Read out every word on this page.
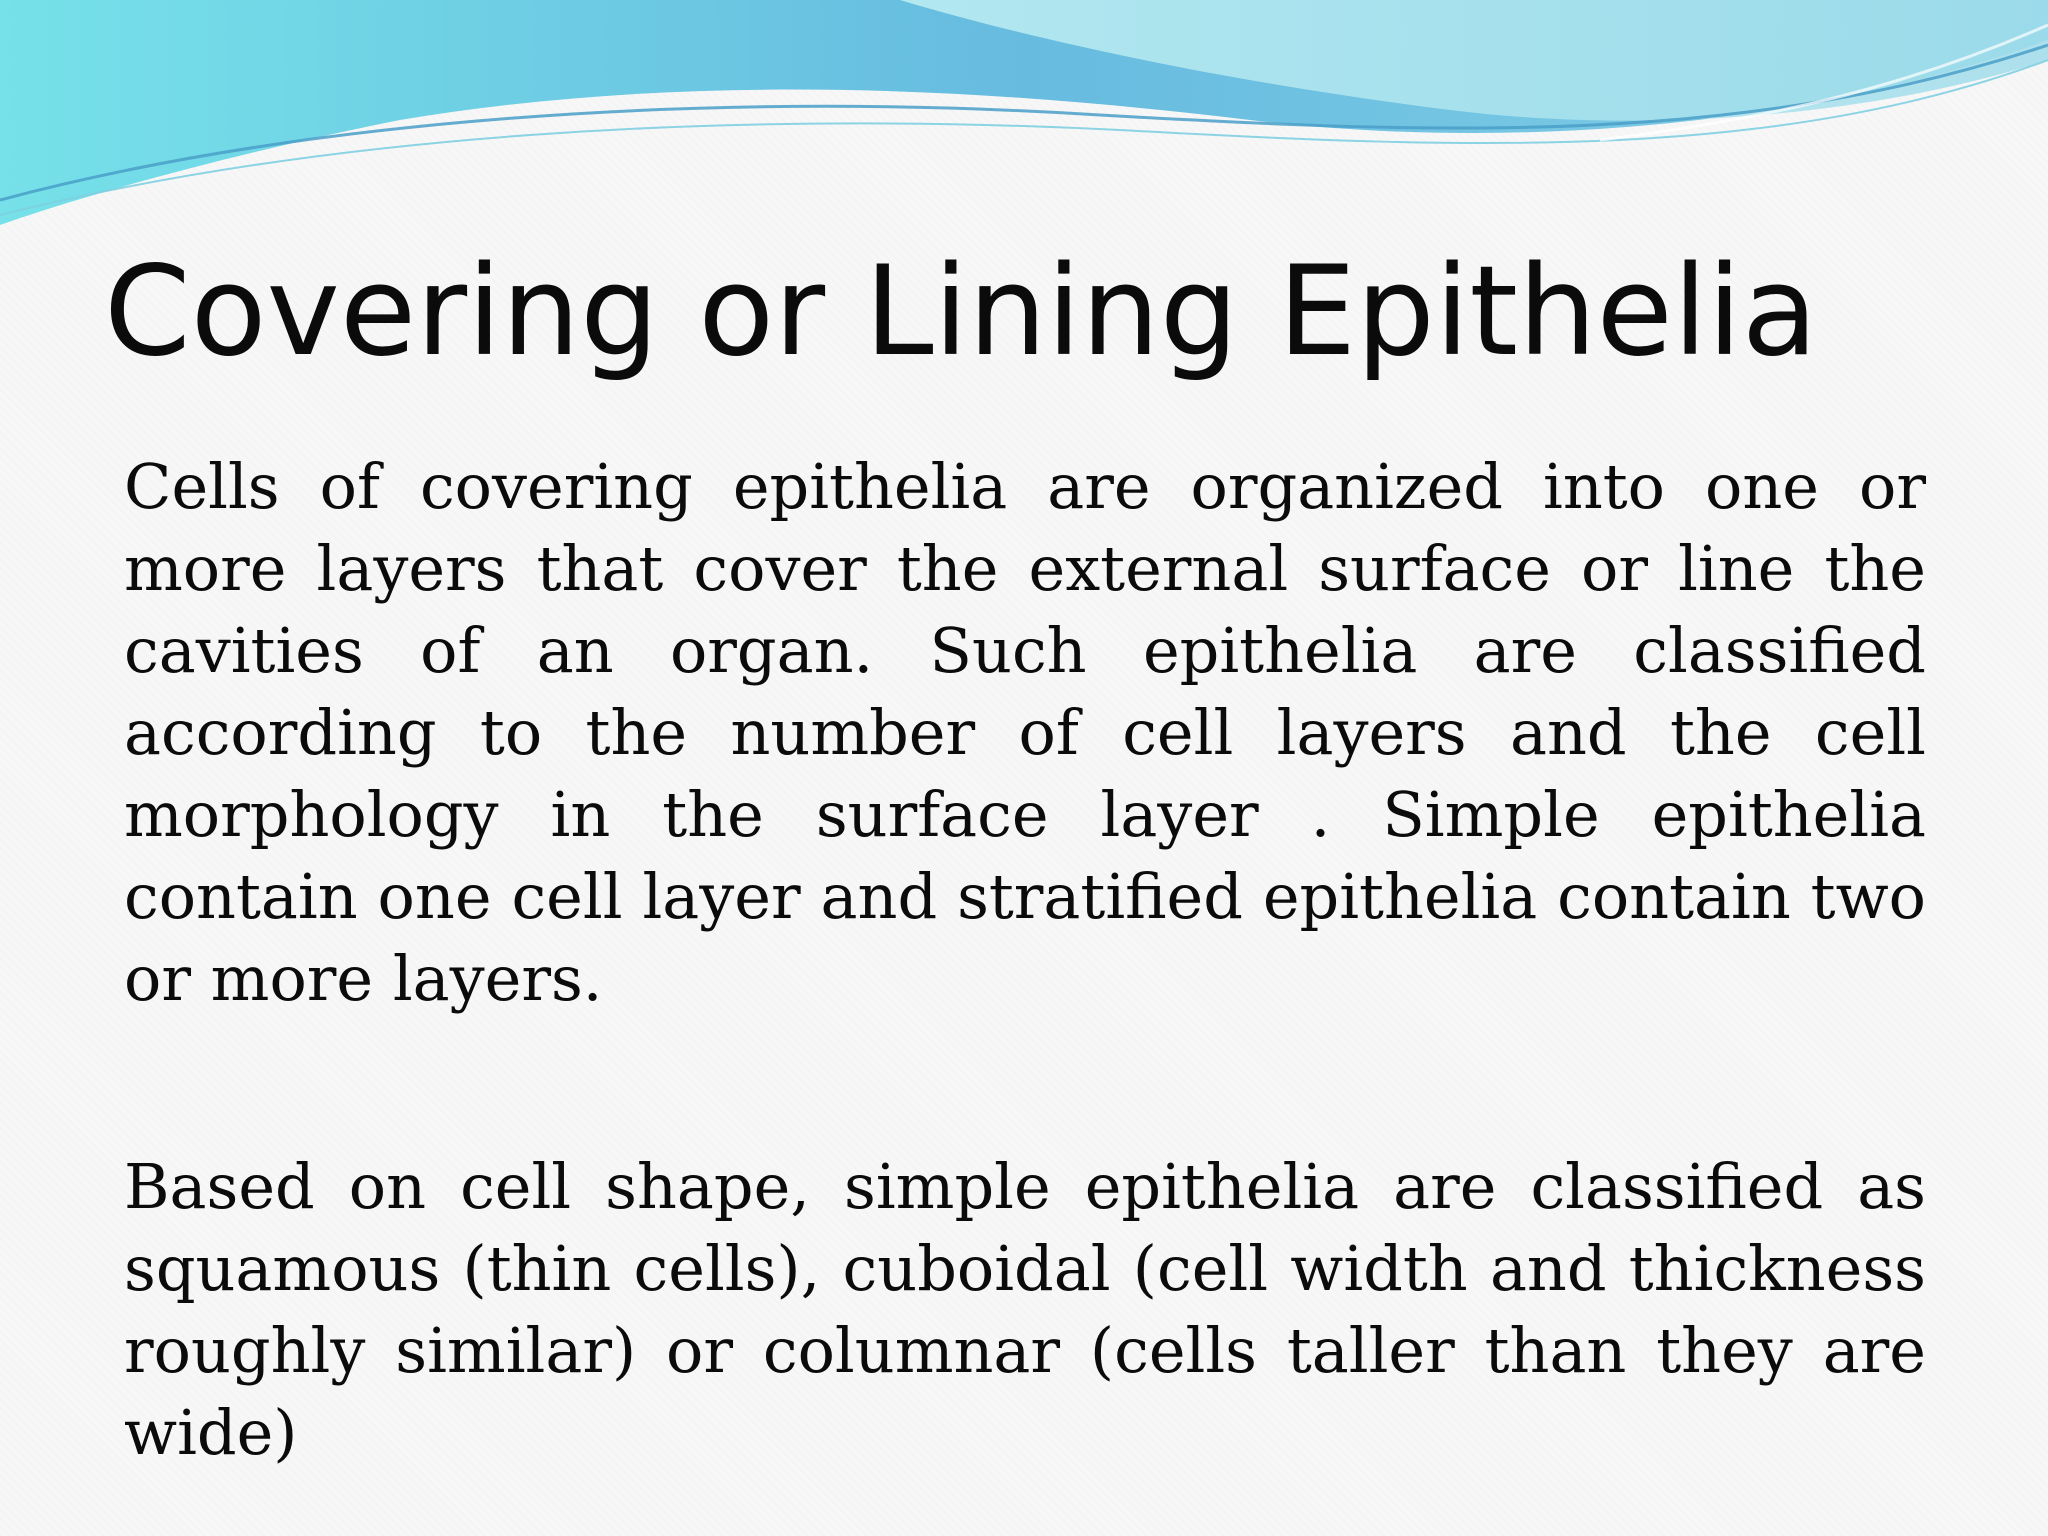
Covering or Lining Epithelia

Cells of covering epithelia are organized into one or more layers that cover the external surface or line the cavities of an organ. Such epithelia are classified according to the number of cell layers and the cell morphology in the surface layer . Simple epithelia contain one cell layer and stratified epithelia contain two or more layers.

Based on cell shape, simple epithelia are classified as squamous (thin cells), cuboidal (cell width and thickness roughly similar) or columnar (cells taller than they are wide)
